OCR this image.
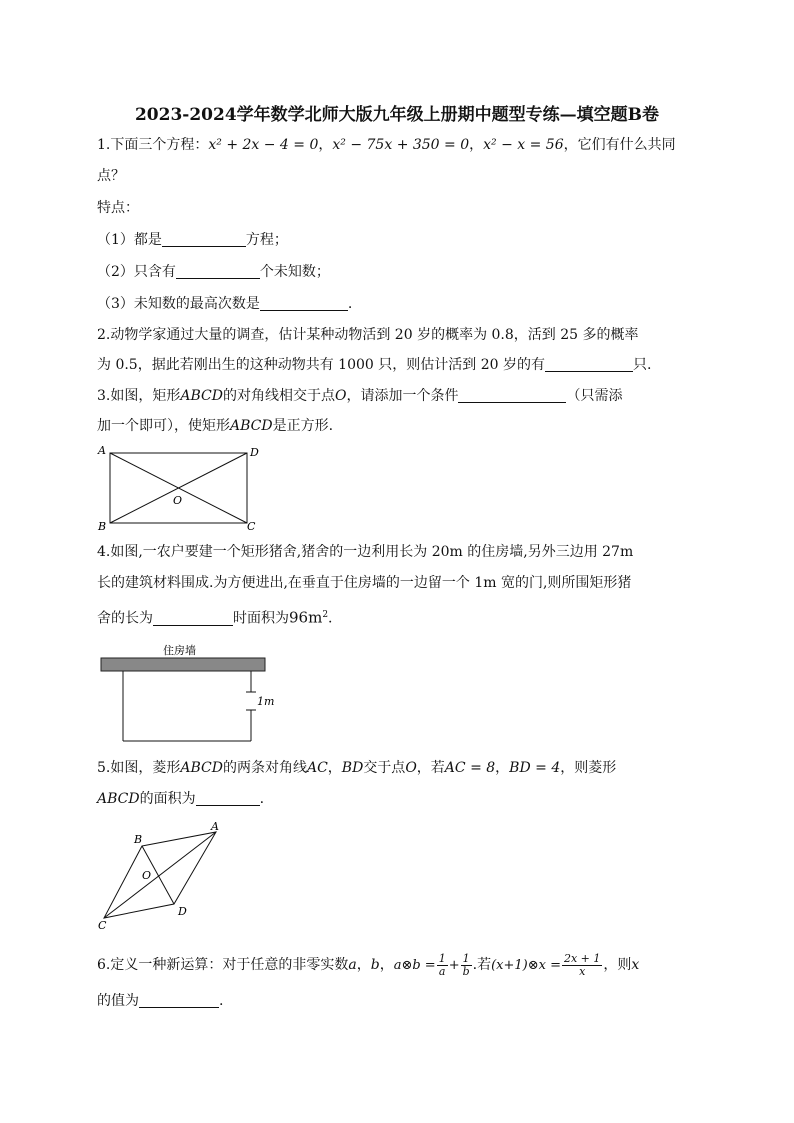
2023-2024学年数学北师大版九年级上册期中题型专练—填空题B卷
1.下面三个方程：x² + 2x − 4 = 0，x² − 75x + 350 = 0，x² − x = 56，它们有什么共同
点？
特点：
（1）都是	方程；
（2）只含有	个未知数；
（3）未知数的最高次数是	.
2.动物学家通过大量的调查，估计某种动物活到 20 岁的概率为 0.8，活到 25 多的概率
为 0.5，据此若刚出生的这种动物共有 1000 只，则估计活到 20 岁的有	只.
3.如图，矩形ABCD的对角线相交于点O，请添加一个条件	（只需添
加一个即可），使矩形ABCD是正方形.
A	D
B	C
O
4.如图,一农户要建一个矩形猪舍,猪舍的一边利用长为 20m 的住房墙,另外三边用 27m
长的建筑材料围成.为方便进出,在垂直于住房墙的一边留一个 1m 宽的门,则所围矩形猪
舍的长为	时面积为$96m^2$.
住房墙
1m
5.如图，菱形ABCD的两条对角线AC，BD交于点O，若AC = 8，BD = 4，则菱形
ABCD的面积为	.
B
A
O
D
C
6.定义一种新运算：对于任意的非零实数a，b，a⊗b = $\frac{1}{a} + \frac{1}{b}$ .若(x+1)⊗x = $\frac{2x + 1}{x}$ ，则x
的值为	.
